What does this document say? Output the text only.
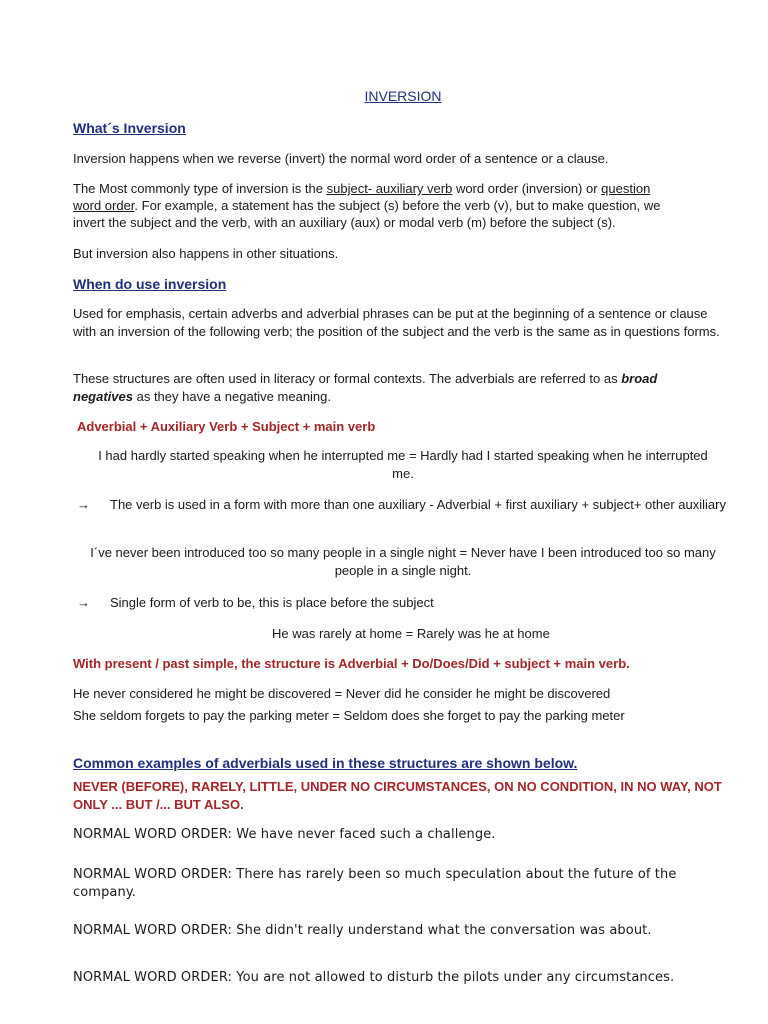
INVERSION
What´s Inversion
Inversion happens when we reverse (invert) the normal word order of a sentence or a clause.
The Most commonly type of inversion is the subject- auxiliary verb word order (inversion) or question
word order. For example, a statement has the subject (s) before the verb (v), but to make question, we
invert the subject and the verb, with an auxiliary (aux) or modal verb (m) before the subject (s).
But inversion also happens in other situations.
When do use inversion
Used for emphasis, certain adverbs and adverbial phrases can be put at the beginning of a sentence or clause with an inversion of the following verb; the position of the subject and the verb is the same as in questions forms.
These structures are often used in literacy or formal contexts. The adverbials are referred to as broad
negatives as they have a negative meaning.
Adverbial + Auxiliary Verb + Subject + main verb
I had hardly started speaking when he interrupted me = Hardly had I started speaking when he interrupted me.
→	The verb is used in a form with more than one auxiliary - Adverbial + first auxiliary + subject+ other auxiliary
I´ve never been introduced too so many people in a single night = Never have I been introduced too so many people in a single night.
→ Single form of verb to be, this is place before the subject
He was rarely at home = Rarely was he at home
With present / past simple, the structure is Adverbial + Do/Does/Did + subject + main verb.
He never considered he might be discovered = Never did he consider he might be discovered
She seldom forgets to pay the parking meter = Seldom does she forget to pay the parking meter
Common examples of adverbials used in these structures are shown below.
NEVER (BEFORE), RARELY, LITTLE, UNDER NO CIRCUMSTANCES, ON NO CONDITION, IN NO WAY, NOT ONLY ... BUT /... BUT ALSO.
NORMAL WORD ORDER: We have never faced such a challenge.
NORMAL WORD ORDER: There has rarely been so much speculation about the future of the company.
NORMAL WORD ORDER: She didn't really understand what the conversation was about.
NORMAL WORD ORDER: You are not allowed to disturb the pilots under any circumstances.
